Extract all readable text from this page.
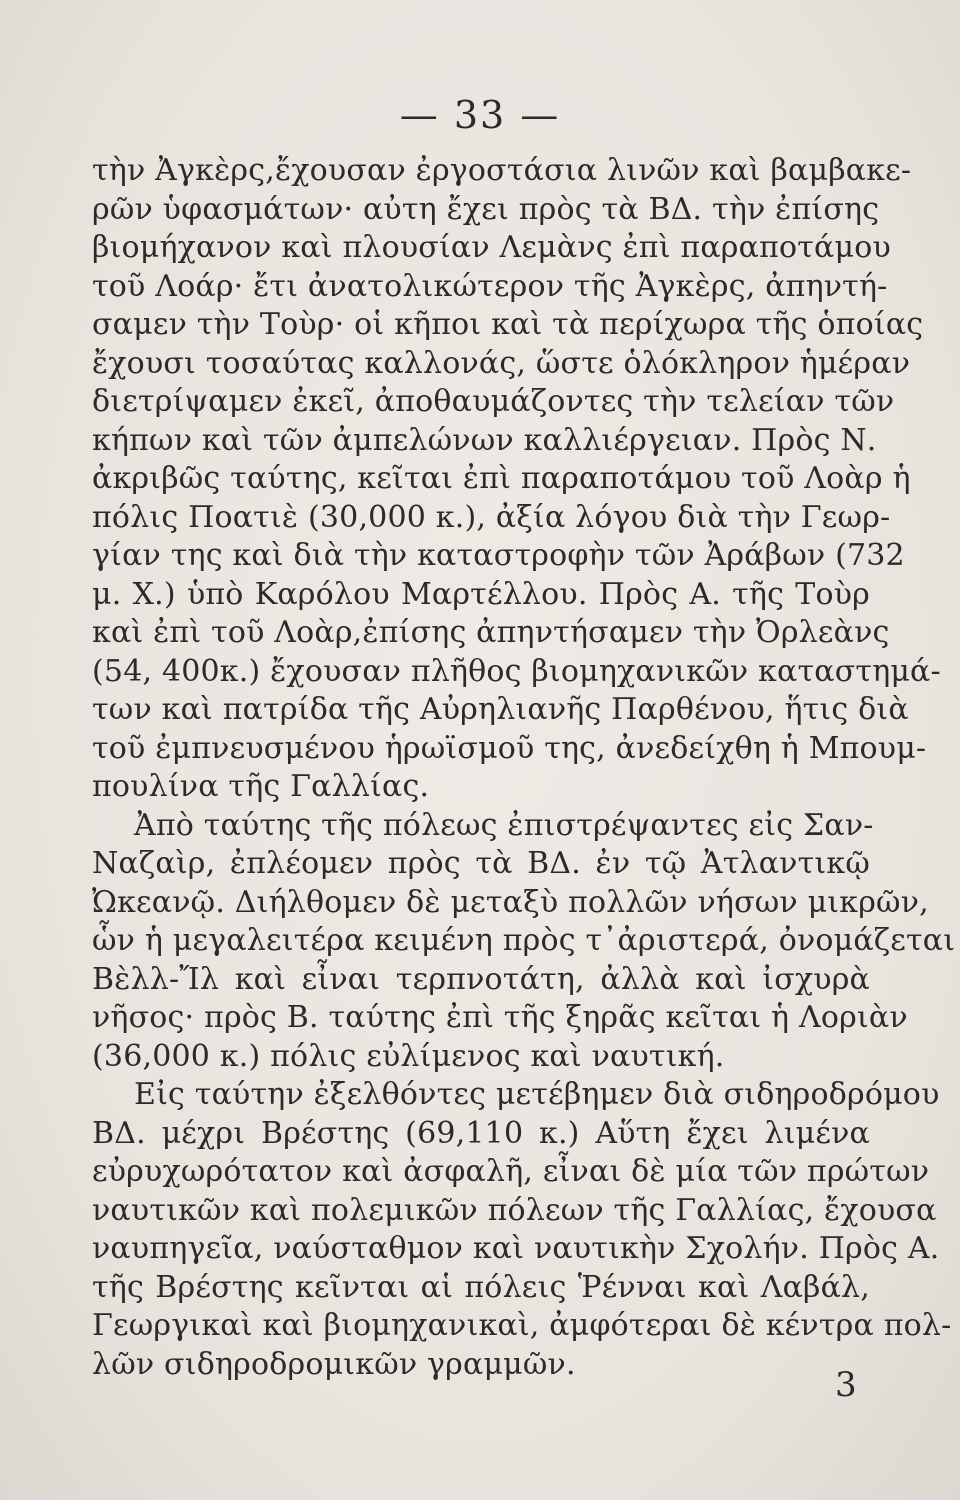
— 33 —
τὴν Ἀγκὲρς,ἔχουσαν ἐργοστάσια λινῶν καὶ βαμβακε-
ρῶν ὑφασμάτων· αὐτη ἔχει πρὸς τὰ ΒΔ. τὴν ἐπίσης
βιομήχανον καὶ πλουσίαν Λεμὰνς ἐπὶ παραποτάμου
τοῦ Λοάρ· ἔτι ἀνατολικώτερον τῆς Ἀγκὲρς, ἀπηντή-
σαμεν τὴν Τοὺρ· οἱ κῆποι καὶ τὰ περίχωρα τῆς ὁποίας
ἔχουσι τοσαύτας καλλονάς, ὥστε ὁλόκληρον ἡμέραν
διετρίψαμεν ἐκεῖ, ἀποθαυμάζοντες τὴν τελείαν τῶν
κήπων καὶ τῶν ἀμπελώνων καλλιέργειαν. Πρὸς Ν.
ἀκριβῶς ταύτης, κεῖται ἐπὶ παραποτάμου τοῦ Λοὰρ ἡ
πόλις Ποατιὲ (30,000 κ.), ἀξία λόγου διὰ τὴν Γεωρ-
γίαν της καὶ διὰ τὴν καταστροφὴν τῶν Ἀράβων (732
μ. Χ.) ὑπὸ Καρόλου Μαρτέλλου. Πρὸς Α. τῆς Τοὺρ
καὶ ἐπὶ τοῦ Λοὰρ,ἐπίσης ἀπηντήσαμεν τὴν Ὀρλεὰνς
(54, 400κ.) ἔχουσαν πλῆθος βιομηχανικῶν καταστημά-
των καὶ πατρίδα τῆς Αὐρηλιανῆς Παρθένου, ἥτις διὰ
τοῦ ἐμπνευσμένου ἡρωϊσμοῦ της, ἀνεδείχθη ἡ Μπουμ-
πουλίνα τῆς Γαλλίας.
Ἀπὸ ταύτης τῆς πόλεως ἐπιστρέψαντες εἰς Σαν-
Ναζαὶρ, ἐπλέομεν πρὸς τὰ ΒΔ. ἐν τῷ Ἀτλαντικῷ
Ὠκεανῷ. Διήλθομεν δὲ μεταξὺ πολλῶν νήσων μικρῶν,
ὧν ἡ μεγαλειτέρα κειμένη πρὸς τ᾽ἀριστερά, ὀνομάζεται
Βὲλλ-Ἴλ καὶ εἶναι τερπνοτάτη, ἀλλὰ καὶ ἰσχυρὰ
νῆσος· πρὸς Β. ταύτης ἐπὶ τῆς ξηρᾶς κεῖται ἡ Λοριὰν
(36,000 κ.) πόλις εὐλίμενος καὶ ναυτική.
Εἰς ταύτην ἐξελθόντες μετέβημεν διὰ σιδηροδρόμου
ΒΔ. μέχρι Βρέστης (69,110 κ.) Αὕτη ἔχει λιμένα
εὐρυχωρότατον καὶ ἀσφαλῆ, εἶναι δὲ μία τῶν πρώτων
ναυτικῶν καὶ πολεμικῶν πόλεων τῆς Γαλλίας, ἔχουσα
ναυπηγεῖα, ναύσταθμον καὶ ναυτικὴν Σχολήν. Πρὸς Α.
τῆς Βρέστης κεῖνται αἱ πόλεις Ῥένναι καὶ Λαβάλ,
Γεωργικαὶ καὶ βιομηχανικαὶ, ἀμφότεραι δὲ κέντρα πολ-
λῶν σιδηροδρομικῶν γραμμῶν.
3
